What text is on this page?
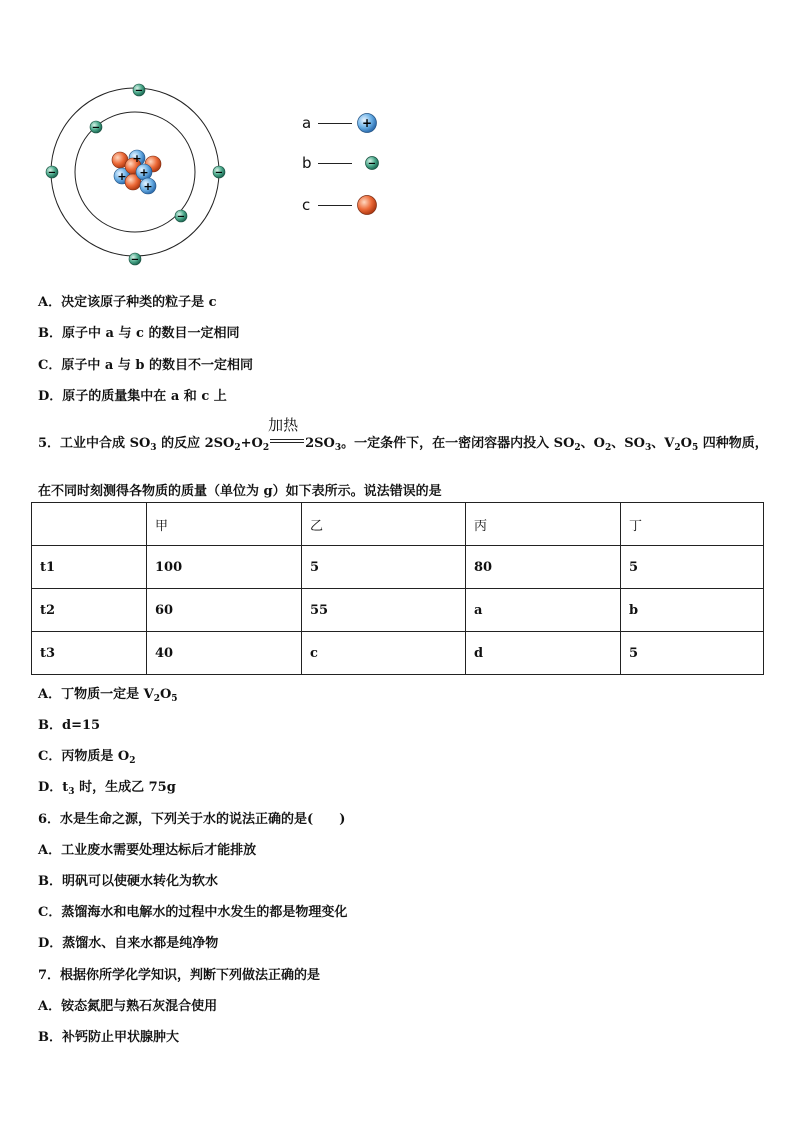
+
+
+
+
−
−
−	−
−
−
a	+
b	−
c
A．决定该原子种类的粒子是 c
B．原子中 a 与 c 的数目一定相同
C．原子中 a 与 b 的数目不一定相同
D．原子的质量集中在 a 和 c 上
5．工业中合成 $SO_3$ 的反应 $2SO_2+O_2$
加热
$2SO_3$。一定条件下，在一密闭容器内投入 $SO_2$、$O_2$、$SO_3$、$V_2O_5$ 四种物质，
在不同时刻测得各物质的质量（单位为 g）如下表所示。说法错误的是
	甲	乙	丙	丁
t1	100	5	80	5
t2	60	55	a	b
t3	40	c	d	5
A．丁物质一定是 $V_2O_5$
B．d=15
C．丙物质是 $O_2$
D．$t_3$ 时，生成乙 75g
6．水是生命之源，下列关于水的说法正确的是(　　)
A．工业废水需要处理达标后才能排放
B．明矾可以使硬水转化为软水
C．蒸馏海水和电解水的过程中水发生的都是物理变化
D．蒸馏水、自来水都是纯净物
7．根据你所学化学知识，判断下列做法正确的是
A．铵态氮肥与熟石灰混合使用
B．补钙防止甲状腺肿大
